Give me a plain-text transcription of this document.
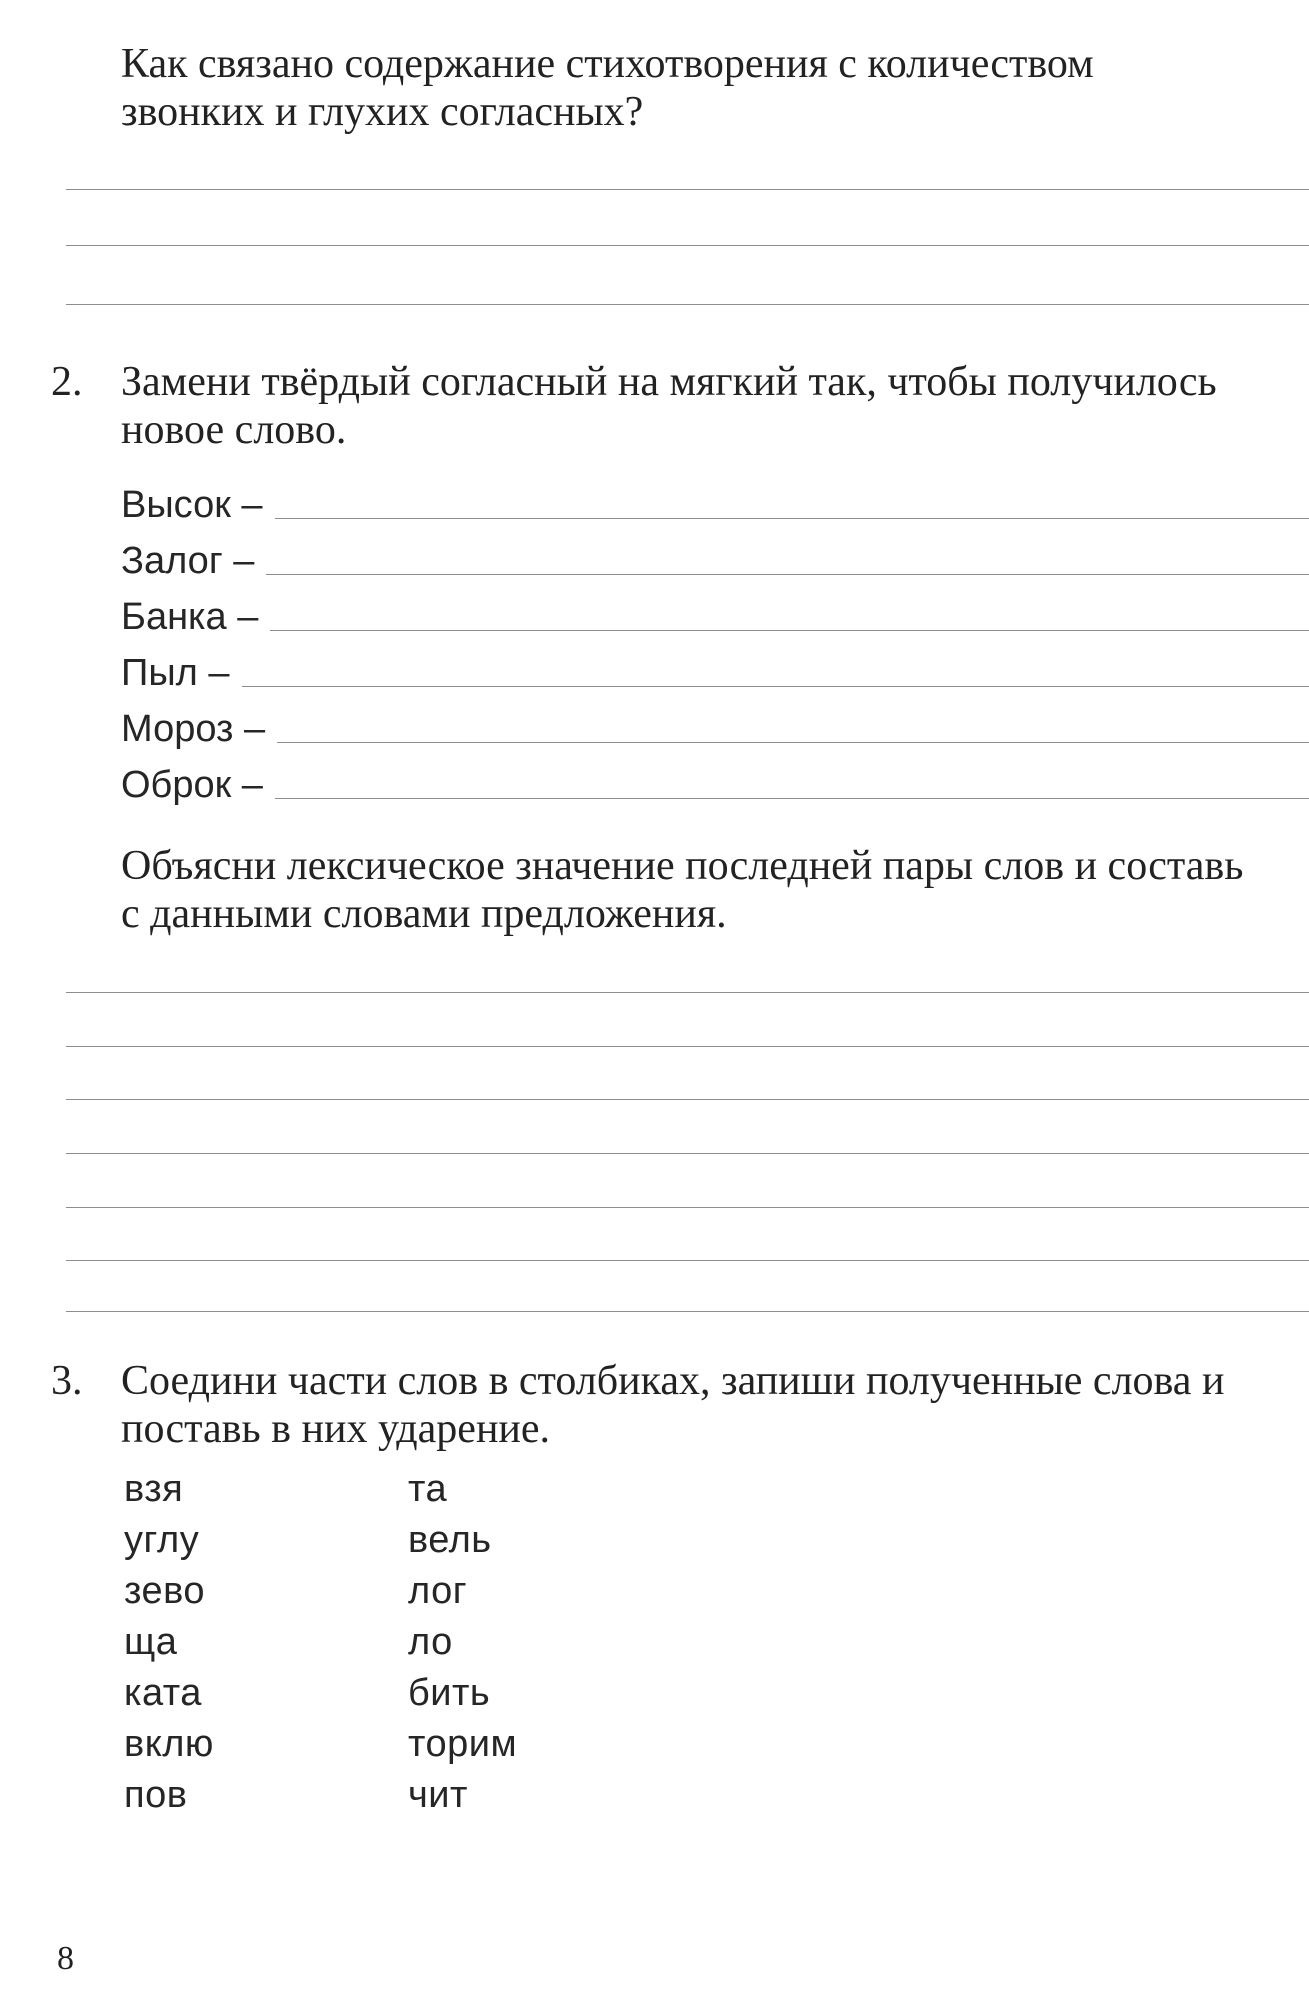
Как связано содержание стихотворения с количеством
звонких и глухих согласных?
2. Замени твёрдый согласный на мягкий так, чтобы получилось
новое слово.
Высок –
Залог –
Банка –
Пыл –
Мороз –
Оброк –
Объясни лексическое значение последней пары слов и составь
с данными словами предложения.
3. Соедини части слов в столбиках, запиши полученные слова и
поставь в них ударение.
взя
углу
зево
ща
ката
вклю
пов
та
вель
лог
ло
бить
торим
чит
8
